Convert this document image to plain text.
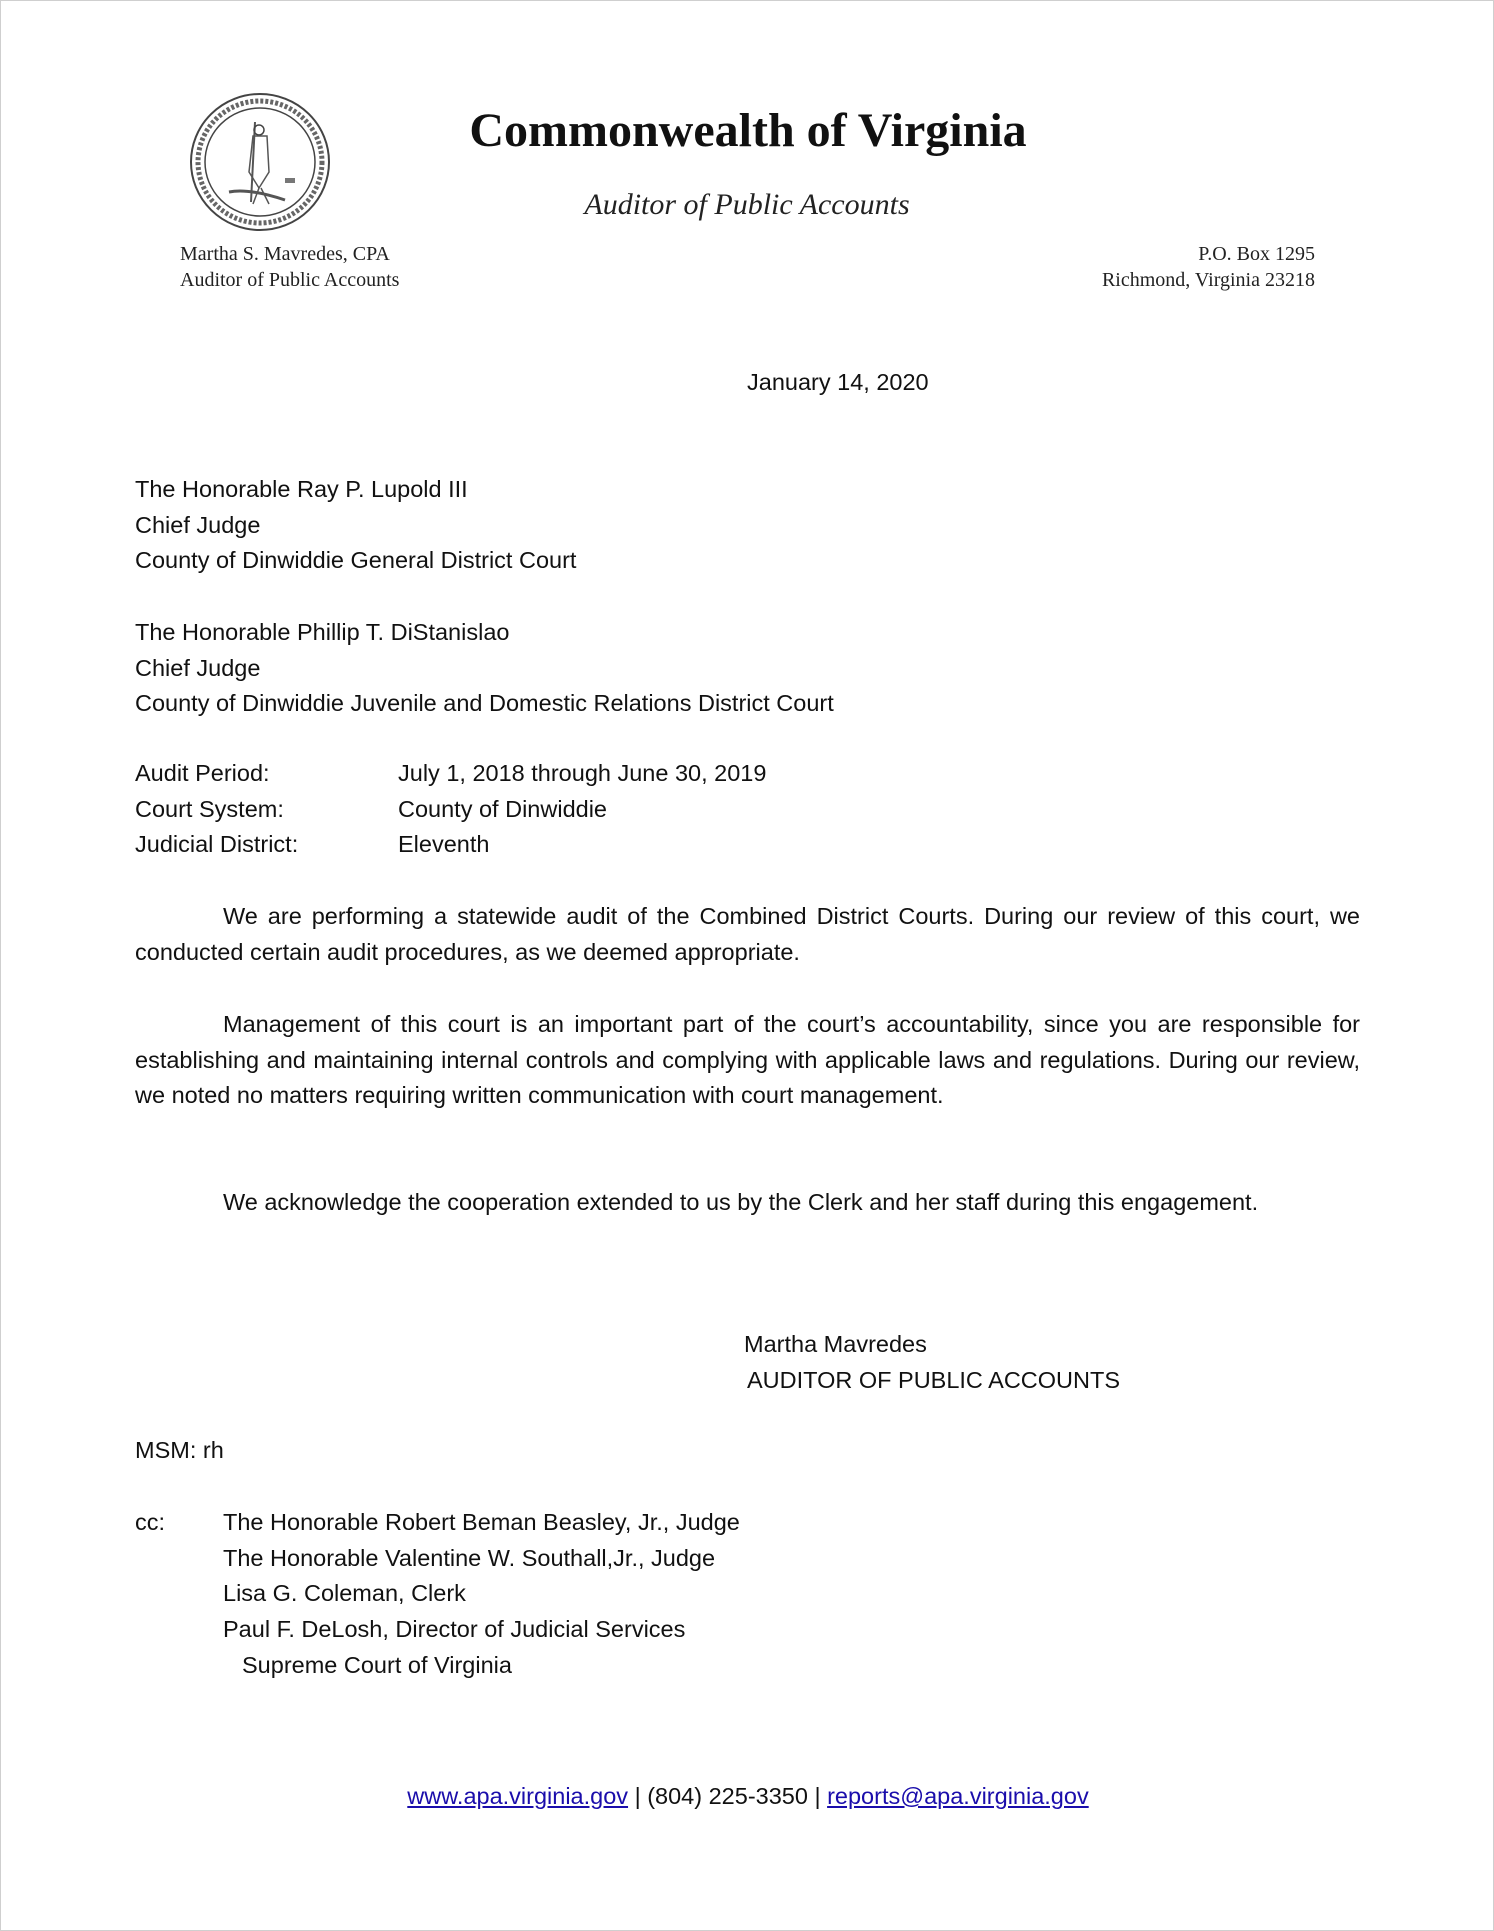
Commonwealth of Virginia
Auditor of Public Accounts
Martha S. Mavredes, CPA
Auditor of Public Accounts
P.O. Box 1295
Richmond, Virginia 23218
January 14, 2020
The Honorable Ray P. Lupold III
Chief Judge
County of Dinwiddie General District Court
The Honorable Phillip T. DiStanislao
Chief Judge
County of Dinwiddie Juvenile and Domestic Relations District Court
Audit Period:	July 1, 2018 through June 30, 2019
Court System:	County of Dinwiddie
Judicial District:	Eleventh
We are performing a statewide audit of the Combined District Courts. During our review of this court, we conducted certain audit procedures, as we deemed appropriate.
Management of this court is an important part of the court’s accountability, since you are responsible for establishing and maintaining internal controls and complying with applicable laws and regulations. During our review, we noted no matters requiring written communication with court management.
We acknowledge the cooperation extended to us by the Clerk and her staff during this engagement.
Martha Mavredes
AUDITOR OF PUBLIC ACCOUNTS
MSM: rh
cc: The Honorable Robert Beman Beasley, Jr., Judge
The Honorable Valentine W. Southall,Jr., Judge
Lisa G. Coleman, Clerk
Paul F. DeLosh, Director of Judicial Services
Supreme Court of Virginia
www.apa.virginia.gov | (804) 225-3350 | reports@apa.virginia.gov
